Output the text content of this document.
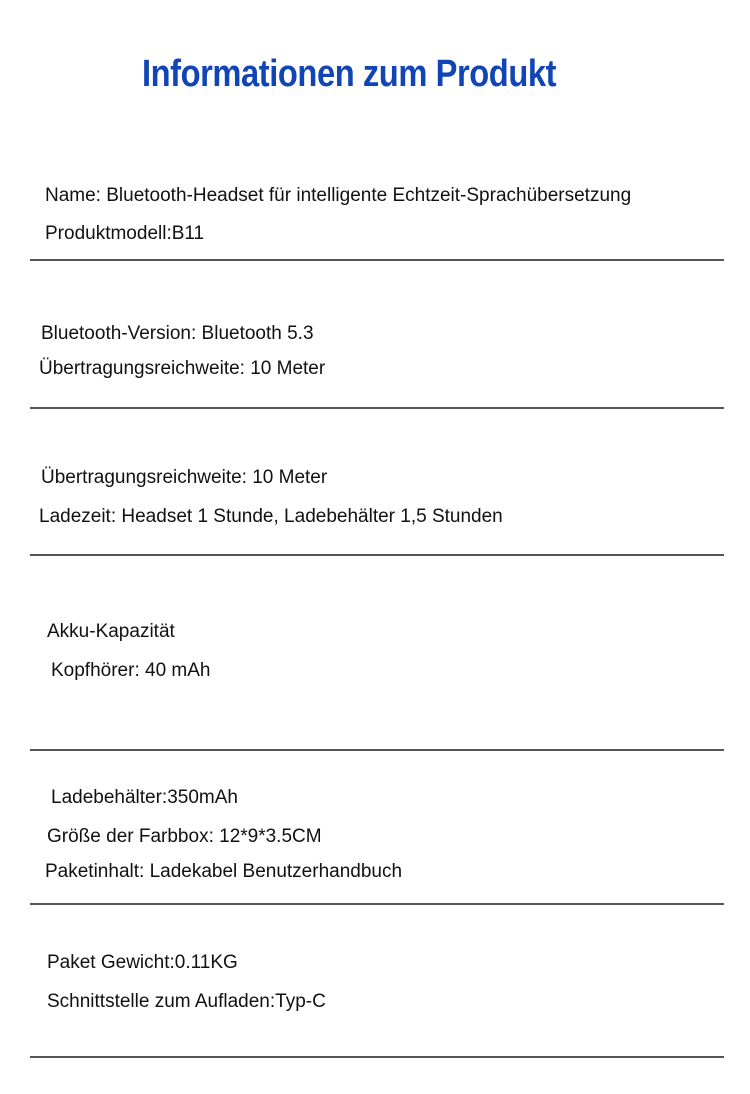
Informationen zum Produkt
Name: Bluetooth-Headset für intelligente Echtzeit-Sprachübersetzung
Produktmodell:B11
Bluetooth-Version: Bluetooth 5.3
Übertragungsreichweite: 10 Meter
Übertragungsreichweite: 10 Meter
Ladezeit: Headset 1 Stunde, Ladebehälter 1,5 Stunden
Akku-Kapazität
Kopfhörer: 40 mAh
Ladebehälter:350mAh
Größe der Farbbox: 12*9*3.5CM
Paketinhalt: Ladekabel Benutzerhandbuch
Paket Gewicht:0.11KG
Schnittstelle zum Aufladen:Typ-C
